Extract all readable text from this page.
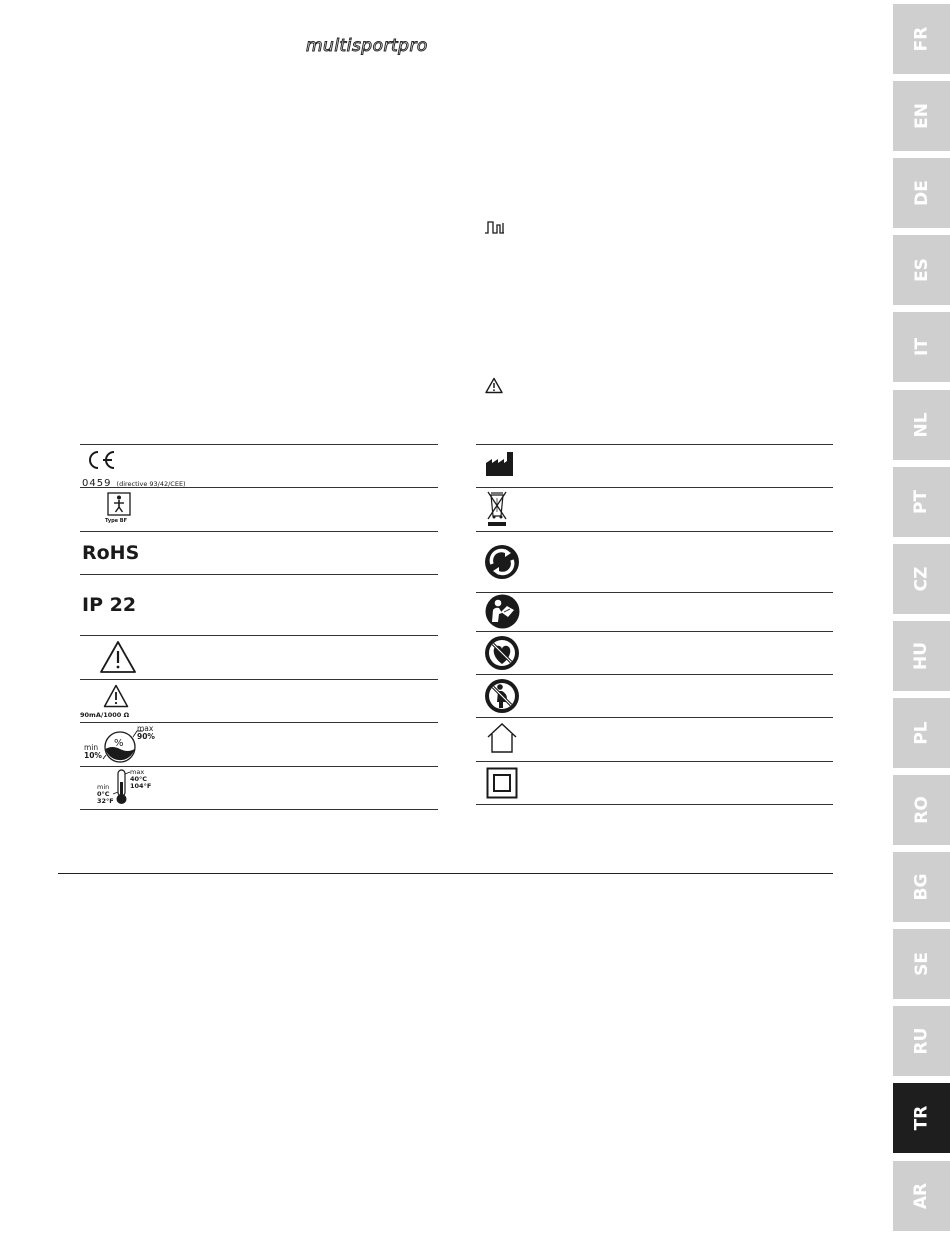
multisportpro
0459 (directive 93/42/CEE)
Type BF
RoHS
IP 22
90mA/1000 Ω
%
max
90%
min
10%
max
40°C
104°F
min
0°C
32°F
FR
EN
DE
ES
IT
NL
PT
CZ
HU
PL
RO
BG
SE
RU
TR
AR
